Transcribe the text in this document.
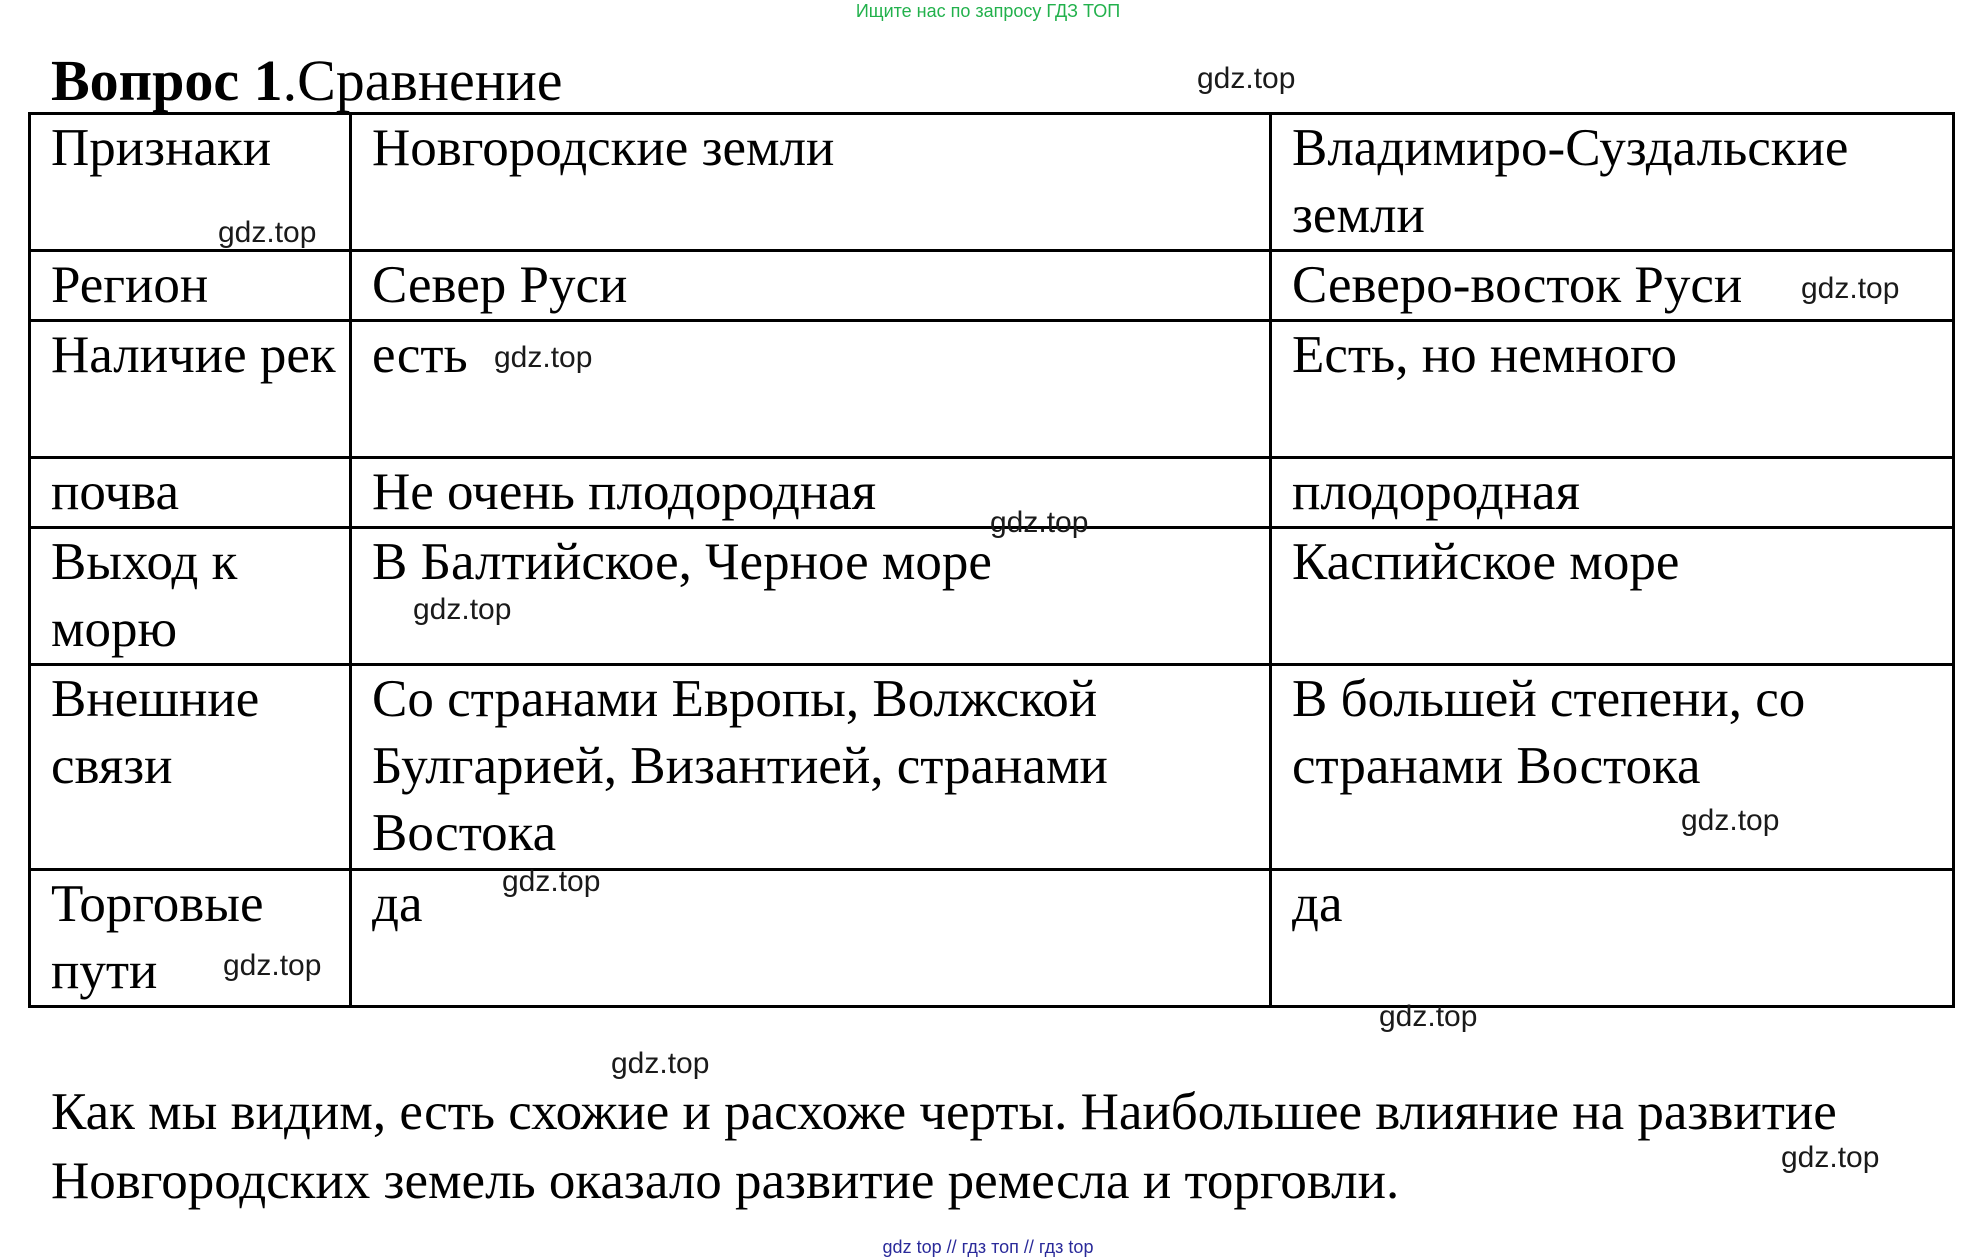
Ищите нас по запросу ГДЗ ТОП
Вопрос 1.Сравнение
Признаки	Новгородские земли	Владимиро-Суздальские земли
Регион	Север Руси	Северо-восток Руси
Наличие рек	есть	Есть, но немного
почва	Не очень плодородная	плодородная
Выход к морю	В Балтийское, Черное море	Каспийское море
Внешние связи	Со странами Европы, Волжской Булгарией, Византией, странами Востока	В большей степени, со странами Востока
Торговые пути	да	да
Как мы видим, есть схожие и расхоже черты. Наибольшее влияние на развитие Новгородских земель оказало развитие ремесла и торговли.
gdz.top
gdz.top
gdz.top
gdz.top
gdz.top
gdz.top
gdz.top
gdz.top
gdz.top
gdz.top
gdz.top
gdz.top
gdz top // гдз топ // гдз top
